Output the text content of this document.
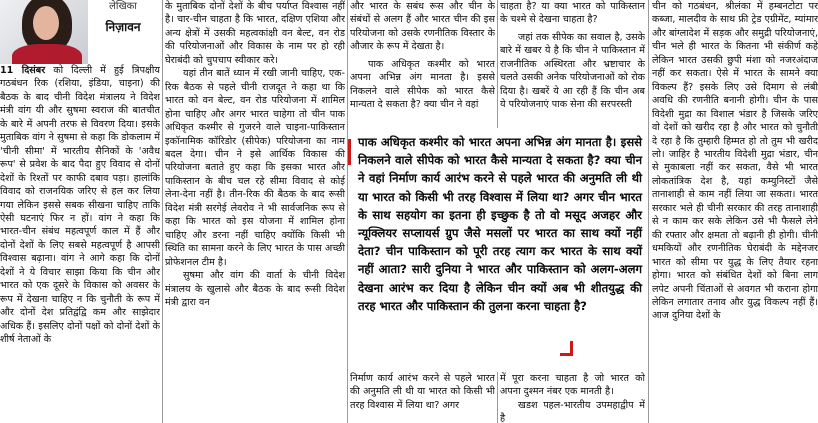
लेखिका
निज़ावन

11 दिसंबर को दिल्ली में हुई त्रिपक्षीय गठबंधन रिक (रशिया, इंडिया, चाइना) की बैठक के बाद चीनी विदेश मंत्रालय ने विदेश मंत्री वांग यी और सुषमा स्वराज की बातचीत के बारे में अपनी तरफ से विवरण दिया। इसके मुताबिक वांग ने सुषमा से कहा कि डोकलाम में 'चीनी सीमा' में भारतीय सैनिकों के 'अवैध रूप' से प्रवेश के बाद पैदा हुए विवाद से दोनों देशों के रिश्तों पर काफी दबाव पड़ा। हालांकि विवाद को राजनयिक जरिए से हल कर लिया गया लेकिन इससे सबक सीखना चाहिए ताकि ऐसी घटनाएं फिर न हों। वांग ने कहा कि भारत-चीन संबंध महत्वपूर्ण काल में हैं और दोनों देशों के लिए सबसे महत्वपूर्ण है आपसी विश्वास बढ़ाना। वांग ने आगे कहा कि दोनों देशों ने ये विचार साझा किया कि चीन और भारत को एक दूसरे के विकास को अवसर के रूप में देखना चाहिए न कि चुनौती के रूप में और दोनों देश प्रतिद्वंद्वि कम और साझेदार अधिक हैं। इसलिए दोनों पक्षों को दोनों देशों के शीर्ष नेताओं के

के मुताबिक दोनों देशों के बीच पर्याप्त विश्वास नहीं है। चार-चीन चाहता है कि भारत, दक्षिण एशिया और अन्य क्षेत्रों में उसकी महत्वकांक्षी वन बेल्ट, वन रोड की परियोजनाओं और विकास के नाम पर हो रही घेराबंदी को चुपचाप स्वीकार करे।

यहां तीन बातें ध्यान में रखी जानी चाहिए, एक-रिक बैठक से पहले चीनी राजदूत ने कहा था कि भारत को वन बेल्ट, वन रोड परियोजना में शामिल होना चाहिए और अगर भारत चाहेगा तो चीन पाक अधिकृत कश्मीर से गुजरने वाले चाइना-पाकिस्तान इकॉनामिक कॉरिडोर (सीपेक) परियोजना का नाम बदल देगा। चीन ने इसे आर्थिक विकास की परियोजना बताते हुए कहा कि इसका भारत और पाकिस्तान के बीच चल रहे सीमा विवाद से कोई लेना-देना नहीं है। तीन-रिक की बैठक के बाद रूसी विदेश मंत्री सरगेई लेवरोव ने भी सार्वजनिक रूप से कहा कि भारत को इस योजना में शामिल होना चाहिए और डरना नहीं चाहिए क्योंकि किसी भी स्थिति का सामना करने के लिए भारत के पास अच्छी प्रोफेशनल टीम है।

सुषमा और वांग की वार्ता के चीनी विदेश मंत्रालय के खुलासे और बैठक के बाद रूसी विदेश मंत्री द्वारा वन

और भारत के सबंध रूस और चीन के संबंधों से अलग हैं और भारत चीन की इस परियोजना को उसके रणनीतिक विस्तार के औजार के रूप में देखता है।

पाक अधिकृत कश्मीर को भारत अपना अभिन्न अंग मानता है। इससे निकलने वाले सीपेक को भारत कैसे मान्यता दे सकता है? क्या चीन ने वहां

चाहता है? या क्या भारत को पाकिस्तान के चश्मे से देखना चाहता है?

जहां तक सीपेक का सवाल है, उसके बारे में खबर ये है कि चीन ने पाकिस्तान में राजनीतिक अस्थिरता और भ्रष्टाचार के चलते उसकी अनेक परियोजनाओं को रोक दिया है। खबरें ये आ रही हैं कि चीन अब ये परियोजनाएं पाक सेना की सरपरस्ती

पाक अधिकृत कश्मीर को भारत अपना अभिन्न अंग मानता है। इससे निकलने वाले सीपेक को भारत कैसे मान्यता दे सकता है? क्या चीन ने वहां निर्माण कार्य आरंभ करने से पहले भारत की अनुमति ली थी या भारत को किसी भी तरह विश्वास में लिया था? अगर चीन भारत के साथ सहयोग का इतना ही इच्छुक है तो वो मसूद अजहर और न्यूक्लियर सप्लायर्स ग्रुप जैसे मसलों पर भारत का साथ क्यों नहीं देता? चीन पाकिस्तान को पूरी तरह त्याग कर भारत के साथ क्यों नहीं आता? सारी दुनिया ने भारत और पाकिस्तान को अलग-अलग देखना आरंभ कर दिया है लेकिन चीन क्यों अब भी शीतयुद्ध की तरह भारत और पाकिस्तान की तुलना करना चाहता है?

निर्माण कार्य आरंभ करने से पहले भारत की अनुमति ली थी या भारत को किसी भी तरह विश्वास में लिया था? अगर

में पूरा करना चाहता है जो भारत को अपना दुश्मन नंबर एक मानती है।

खडश पहल-भारतीय उपमहाद्वीप में है

चीन को गठबंधन, श्रीलंका में हम्बनटोटा पर कब्जा, मालदीव के साथ फ्री ट्रेड एग्रीमेंट, म्यांमार और बांग्लादेश में सड़क और समुद्री परियोजनाएं, चीन भले ही भारत के कितना भी संकीर्ण कहे लेकिन भारत उसकी छुपी मंशा को नजरअंदाज नहीं कर सकता। ऐसे में भारत के सामने क्या विकल्प हैं? इसके लिए उसे दिमाग से लंबी अवधि की रणनीति बनानी होगी। चीन के पास विदेशी मुद्रा का विशाल भंडार है जिसके जरिए वो देशों को खरीद रहा है और भारत को चुनौती दे रहा है कि तुम्हारी हिम्मत हो तो तुम भी खरीद लो। जाहिर है भारतीय विदेशी मुद्रा भंडार, चीन से मुकाबला नहीं कर सकता, वैसे भी भारत लोकतांत्रिक देश है, यहां कम्युनिस्टों जैसे तानाशाही से काम नहीं लिया जा सकता। भारत सरकार भले ही चीनी सरकार की तरह तानाशाही से न काम कर सके लेकिन उसे भी फैसले लेने की रफ्तार और क्षमता तो बढ़ानी ही होगी। चीनी धमकियों और रणनीतिक घेराबंदी के मद्देनजर भारत को सीमा पर युद्ध के लिए तैयार रहना होगा। भारत को संबंधित देशों को बिना लाग लपेट अपनी चिंताओं से अवगत भी कराना होगा लेकिन लगातार तनाव और युद्ध विकल्प नहीं हैं। आज दुनिया देशों के
